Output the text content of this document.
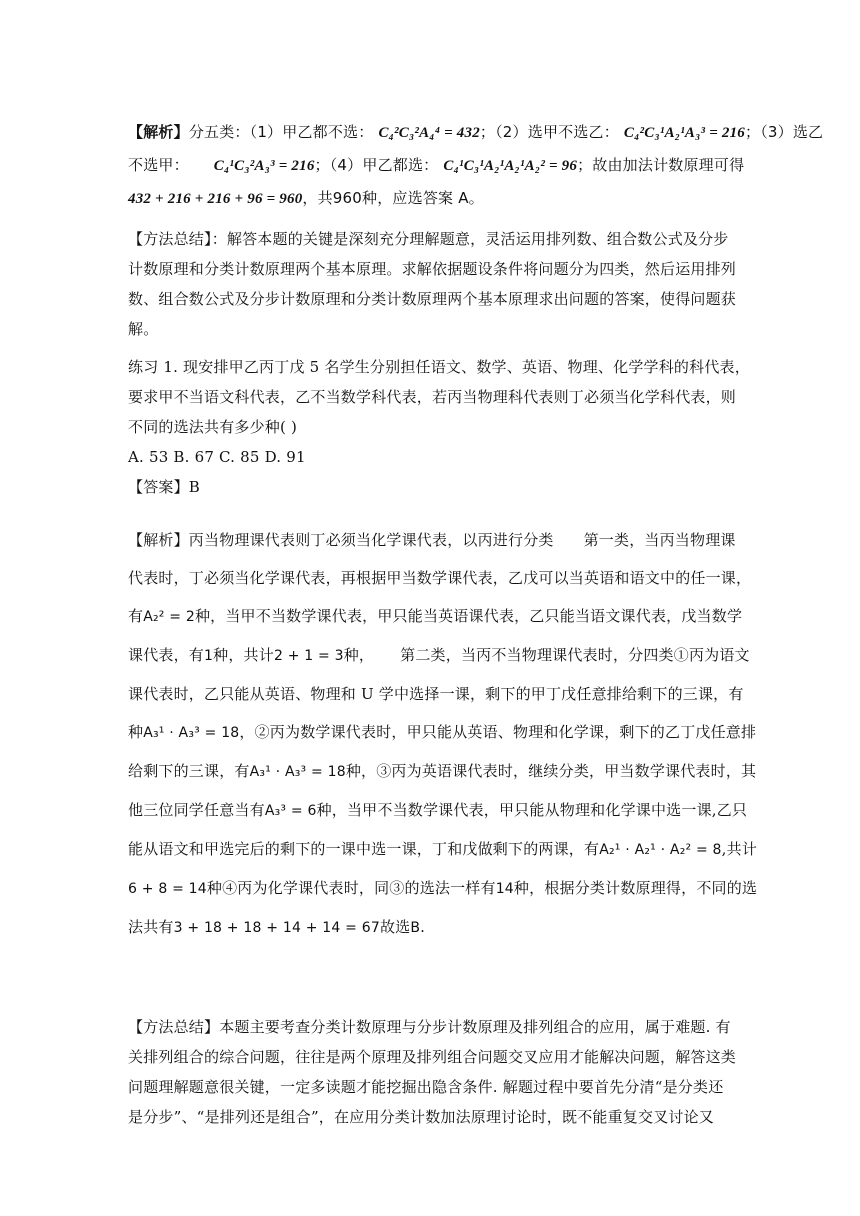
【解析】分五类：（1）甲乙都不选： C₄²C₃²A₄⁴ = 432；（2）选甲不选乙： C₄²C₃¹A₂¹A₃³ = 216；（3）选乙
不选甲： C₄¹C₃²A₃³ = 216；（4）甲乙都选： C₄¹C₃¹A₂¹A₂¹A₂² = 96；故由加法计数原理可得
432 + 216 + 216 + 96 = 960，共960种，应选答案 A。
【方法总结】：解答本题的关键是深刻充分理解题意，灵活运用排列数、组合数公式及分步
计数原理和分类计数原理两个基本原理。求解依据题设条件将问题分为四类，然后运用排列
数、组合数公式及分步计数原理和分类计数原理两个基本原理求出问题的答案，使得问题获
解。
练习 1. 现安排甲乙丙丁戊 5 名学生分别担任语文、数学、英语、物理、化学学科的科代表，
要求甲不当语文科代表，乙不当数学科代表，若丙当物理科代表则丁必须当化学科代表，则
不同的选法共有多少种( )
A. 53 B. 67 C. 85 D. 91
【答案】B
【解析】丙当物理课代表则丁必须当化学课代表，以丙进行分类 第一类，当丙当物理课
代表时，丁必须当化学课代表，再根据甲当数学课代表，乙戊可以当英语和语文中的任一课，
有A₂² = 2种，当甲不当数学课代表，甲只能当英语课代表，乙只能当语文课代表，戊当数学
课代表，有1种，共计2 + 1 = 3种， 第二类，当丙不当物理课代表时，分四类①丙为语文
课代表时，乙只能从英语、物理和 U 学中选择一课，剩下的甲丁戊任意排给剩下的三课，有
种A₃¹ · A₃³ = 18，②丙为数学课代表时，甲只能从英语、物理和化学课，剩下的乙丁戊任意排
给剩下的三课，有A₃¹ · A₃³ = 18种，③丙为英语课代表时，继续分类，甲当数学课代表时，其
他三位同学任意当有A₃³ = 6种，当甲不当数学课代表，甲只能从物理和化学课中选一课,乙只
能从语文和甲选完后的剩下的一课中选一课，丁和戊做剩下的两课，有A₂¹ · A₂¹ · A₂² = 8,共计
6 + 8 = 14种④丙为化学课代表时，同③的选法一样有14种，根据分类计数原理得，不同的选
法共有3 + 18 + 18 + 14 + 14 = 67故选B.
【方法总结】本题主要考查分类计数原理与分步计数原理及排列组合的应用，属于难题. 有
关排列组合的综合问题，往往是两个原理及排列组合问题交叉应用才能解决问题，解答这类
问题理解题意很关键，一定多读题才能挖掘出隐含条件. 解题过程中要首先分清“是分类还
是分步”、“是排列还是组合”，在应用分类计数加法原理讨论时，既不能重复交叉讨论又
